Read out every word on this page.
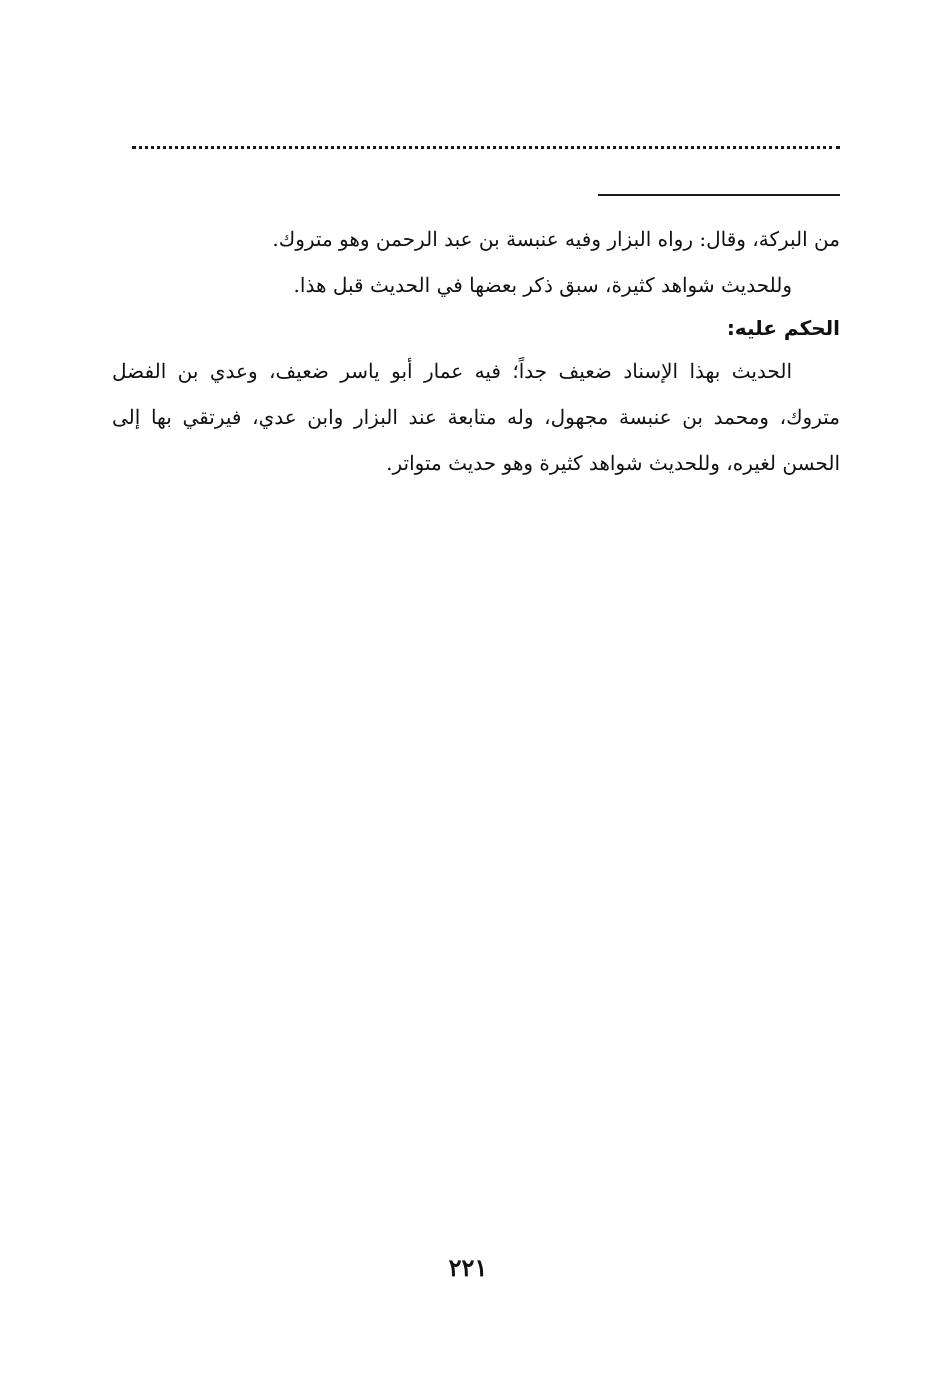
من البركة، وقال: رواه البزار وفيه عنبسة بن عبد الرحمن وهو متروك.

وللحديث شواهد كثيرة، سبق ذكر بعضها في الحديث قبل هذا.

الحكم عليه:

الحديث بهذا الإسناد ضعيف جداً؛ فيه عمار أبو ياسر ضعيف، وعدي بن الفضل متروك، ومحمد بن عنبسة مجهول، وله متابعة عند البزار وابن عدي، فيرتقي بها إلى الحسن لغيره، وللحديث شواهد كثيرة وهو حديث متواتر.

٢٢١
